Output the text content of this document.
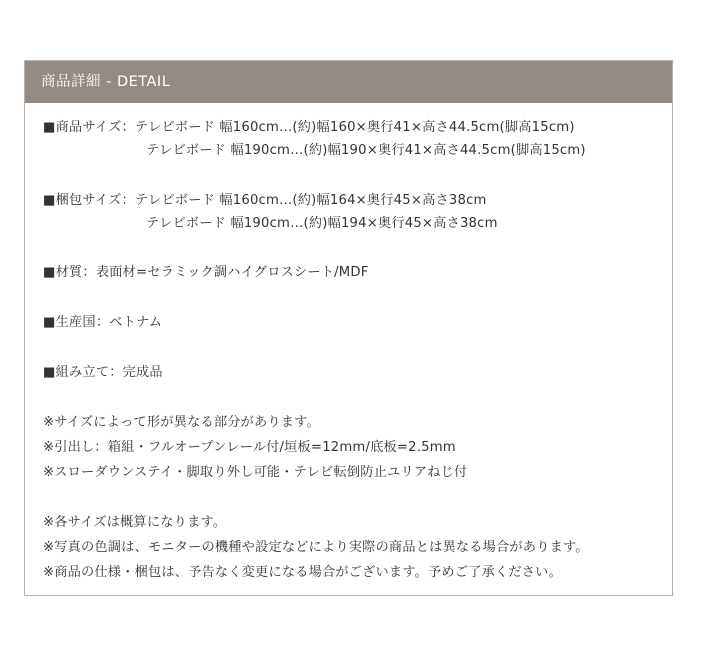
商品詳細 - DETAIL
■商品サイズ：テレビボード 幅160cm…(約)幅160×奥行41×高さ44.5cm(脚高15cm)
テレビボード 幅190cm…(約)幅190×奥行41×高さ44.5cm(脚高15cm)
■梱包サイズ：テレビボード 幅160cm…(約)幅164×奥行45×高さ38cm
テレビボード 幅190cm…(約)幅194×奥行45×高さ38cm
■材質：表面材=セラミック調ハイグロスシート/MDF
■生産国：ベトナム
■組み立て：完成品
※サイズによって形が異なる部分があります。
※引出し：箱組・フルオープンレール付/垣板=12mm/底板=2.5mm
※スローダウンステイ・脚取り外し可能・テレビ転倒防止ユリアねじ付
※各サイズは概算になります。
※写真の色調は、モニターの機種や設定などにより実際の商品とは異なる場合があります。
※商品の仕様・梱包は、予告なく変更になる場合がございます。予めご了承ください。
